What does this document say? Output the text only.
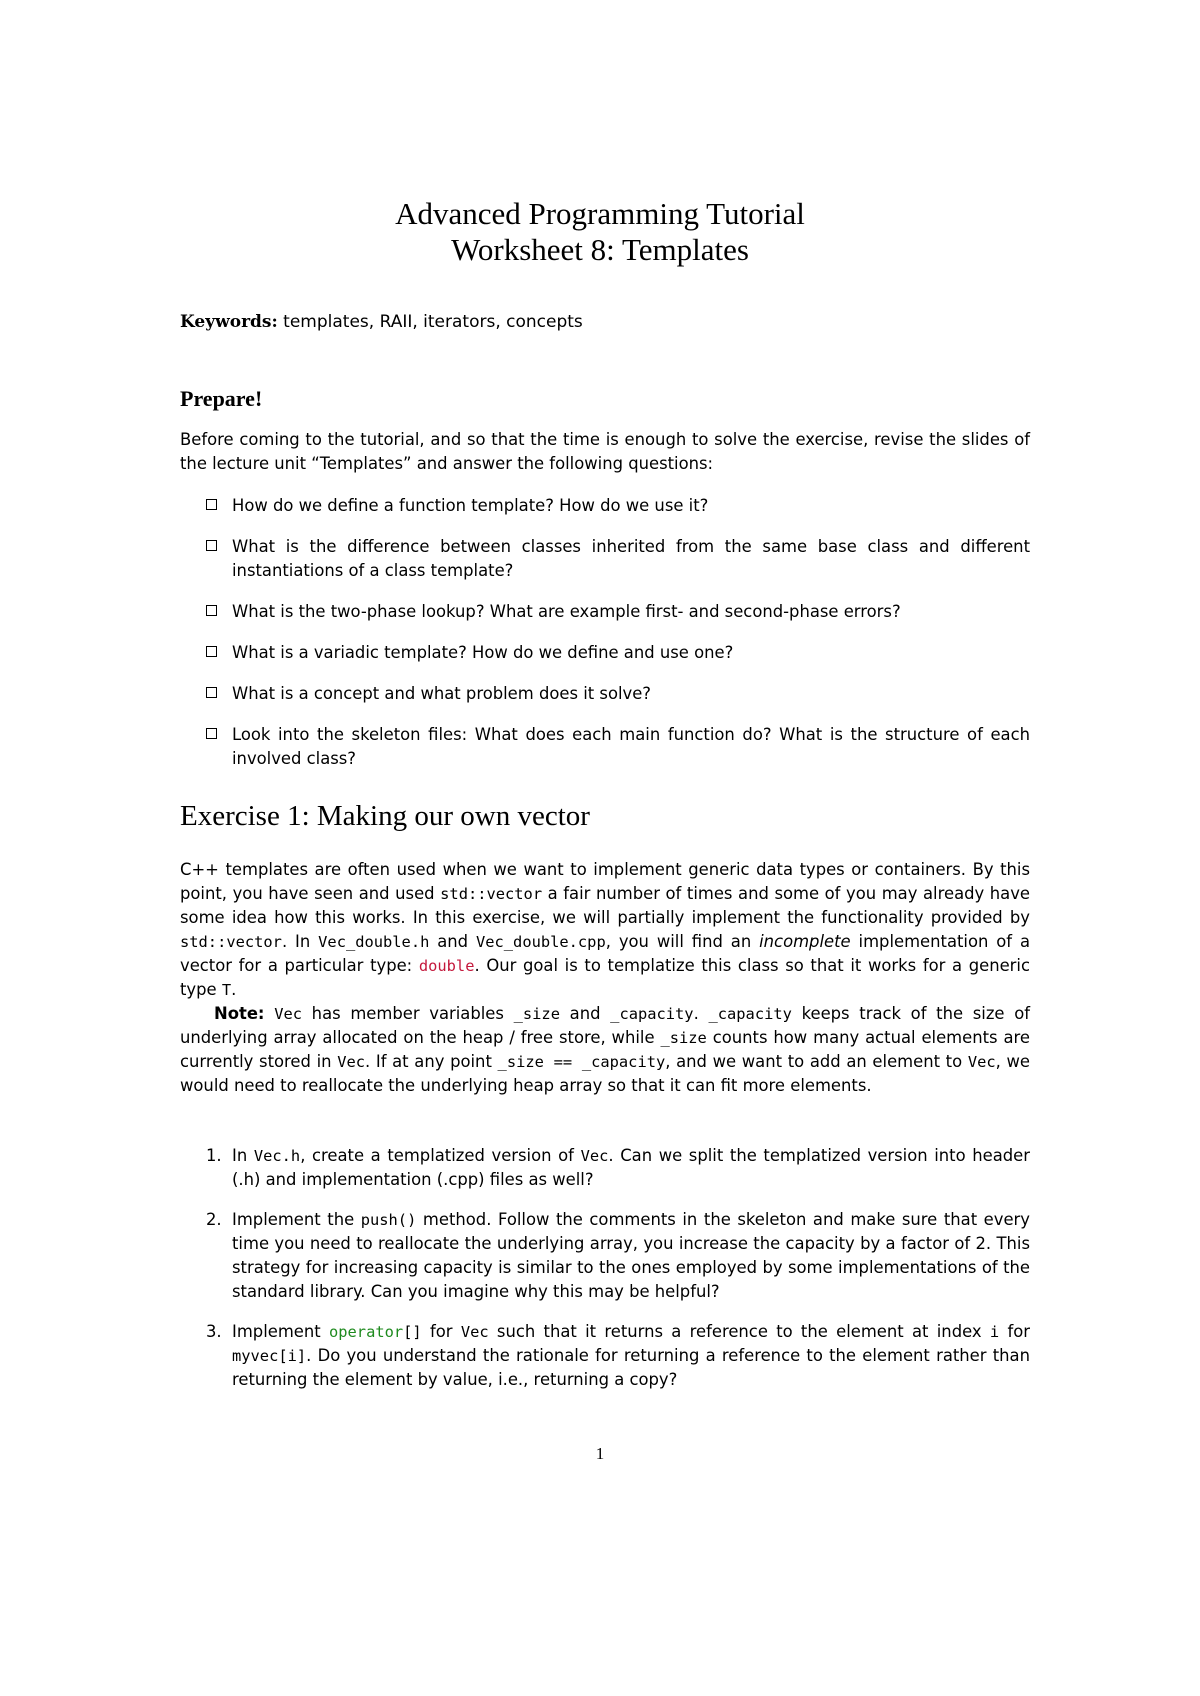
Advanced Programming Tutorial
Worksheet 8: Templates
Keywords: templates, RAII, iterators, concepts
Prepare!
Before coming to the tutorial, and so that the time is enough to solve the exercise, revise the slides of the lecture unit “Templates” and answer the following questions:
How do we define a function template? How do we use it?
What is the difference between classes inherited from the same base class and different instantiations of a class template?
What is the two-phase lookup? What are example first- and second-phase errors?
What is a variadic template? How do we define and use one?
What is a concept and what problem does it solve?
Look into the skeleton files: What does each main function do? What is the structure of each involved class?
Exercise 1: Making our own vector
C++ templates are often used when we want to implement generic data types or containers. By this point, you have seen and used std::vector a fair number of times and some of you may already have some idea how this works. In this exercise, we will partially implement the functionality provided by std::vector. In Vec_double.h and Vec_double.cpp, you will find an incomplete implementation of a vector for a particular type: double. Our goal is to templatize this class so that it works for a generic type T.
Note: Vec has member variables _size and _capacity. _capacity keeps track of the size of underlying array allocated on the heap / free store, while _size counts how many actual elements are currently stored in Vec. If at any point _size == _capacity, and we want to add an element to Vec, we would need to reallocate the underlying heap array so that it can fit more elements.
1. In Vec.h, create a templatized version of Vec. Can we split the templatized version into header (.h) and implementation (.cpp) files as well?
2. Implement the push() method. Follow the comments in the skeleton and make sure that every time you need to reallocate the underlying array, you increase the capacity by a factor of 2. This strategy for increasing capacity is similar to the ones employed by some implementations of the standard library. Can you imagine why this may be helpful?
3. Implement operator[] for Vec such that it returns a reference to the element at index i for myvec[i]. Do you understand the rationale for returning a reference to the element rather than returning the element by value, i.e., returning a copy?
1
